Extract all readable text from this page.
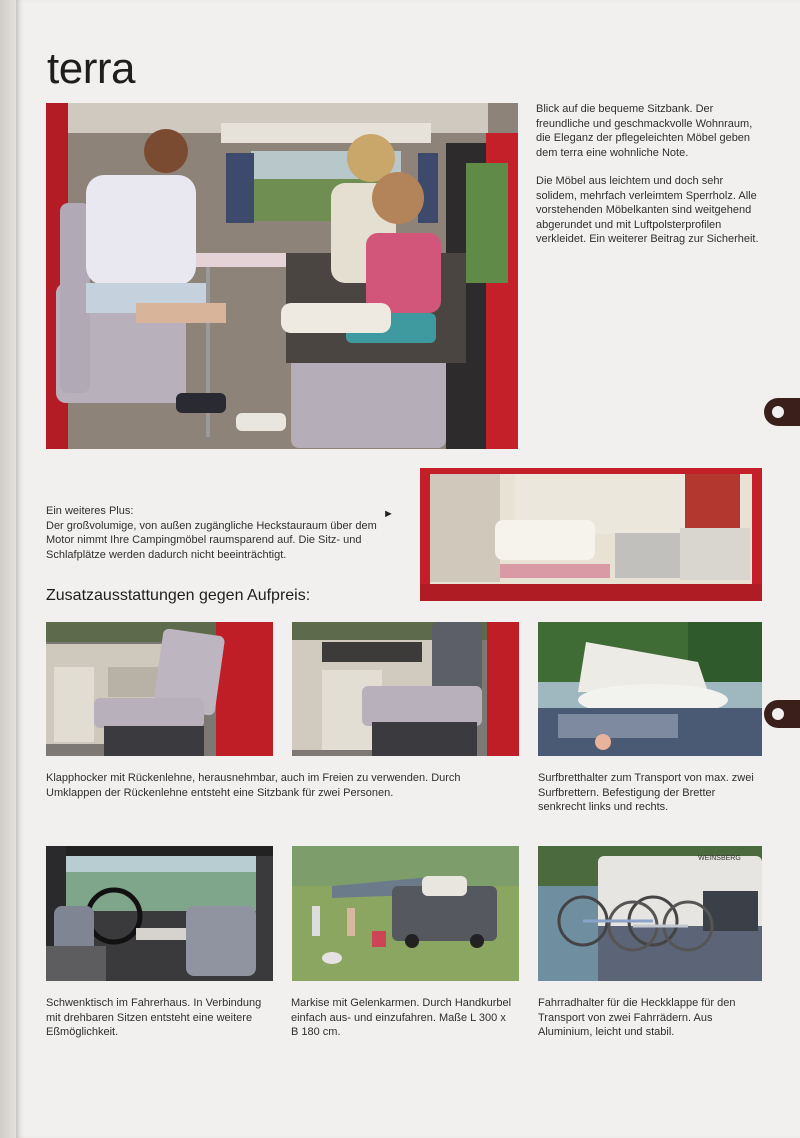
terra

Blick auf die bequeme Sitzbank. Der freundliche und geschmackvolle Wohnraum, die Eleganz der pflegeleichten Möbel geben dem terra eine wohnliche Note.

Die Möbel aus leichtem und doch sehr solidem, mehrfach verleimtem Sperrholz. Alle vorstehenden Möbelkanten sind weitgehend abgerundet und mit Luftpolsterprofilen verkleidet. Ein weiterer Beitrag zur Sicherheit.

Ein weiteres Plus:
Der großvolumige, von außen zugängliche Heckstauraum über dem Motor nimmt Ihre Campingmöbel raumsparend auf. Die Sitz- und Schlafplätze werden dadurch nicht beeinträchtigt.
►
Zusatzausstattungen gegen Aufpreis:
Klapphocker mit Rückenlehne, herausnehmbar, auch im Freien zu verwenden. Durch Umklappen der Rückenlehne entsteht eine Sitzbank für zwei Personen.
Surfbretthalter zum Transport von max. zwei Surfbrettern. Befestigung der Bretter senkrecht links und rechts.
WEINSBERG
Schwenktisch im Fahrerhaus. In Verbindung mit drehbaren Sitzen entsteht eine weitere Eßmöglichkeit.
Markise mit Gelenkarmen. Durch Handkurbel einfach aus- und einzufahren. Maße L 300 x B 180 cm.
Fahrradhalter für die Heckklappe für den Transport von zwei Fahrrädern. Aus Aluminium, leicht und stabil.
